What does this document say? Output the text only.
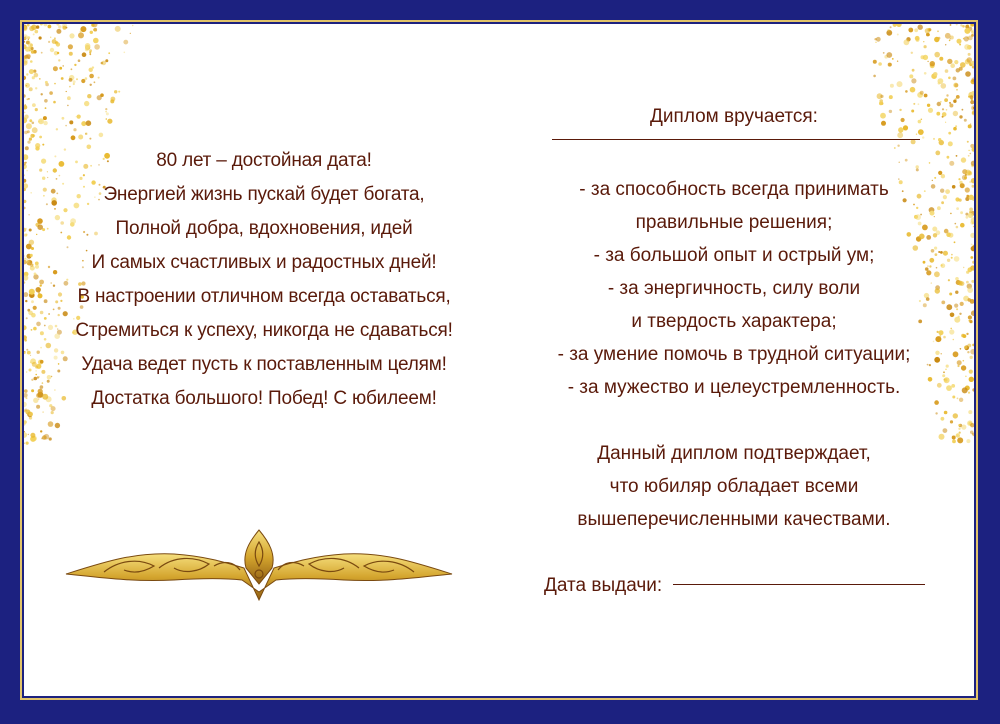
80 лет – достойная дата!
Энергией жизнь пускай будет богата,
Полной добра, вдохновения, идей
И самых счастливых и радостных дней!
В настроении отличном всегда оставаться,
Стремиться к успеху, никогда не сдаваться!
Удача ведет пусть к поставленным целям!
Достатка большого! Побед! С юбилеем!
Диплом вручается:
- за способность всегда принимать
правильные решения;
- за большой опыт и острый ум;
- за энергичность, силу воли
и твердость характера;
- за умение помочь в трудной ситуации;
- за мужество и целеустремленность.
Данный диплом подтверждает,
что юбиляр обладает всеми
вышеперечисленными качествами.
Дата выдачи:
